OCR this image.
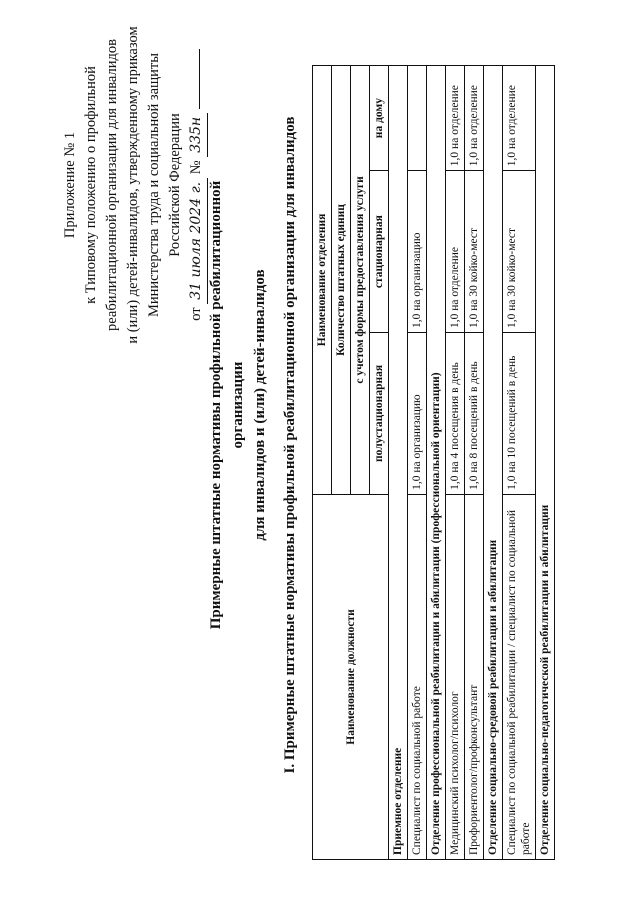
Приложение № 1 к Типовому положению о профильной реабилитационной организации для инвалидов и (или) детей-инвалидов, утвержденному приказом Министерства труда и социальной защиты Российской Федерации
от 31 июля 2024 г. № 335н
Примерные штатные нормативы профильной реабилитационной организации для инвалидов и (или) детей-инвалидов I. Примерные штатные нормативы профильной реабилитационной организации для инвалидов	Наименование должности	Наименование отделения		

	Количество штатных единиц		

	с учетом формы предоставления услуги		
	полустационарная	стационарная	на дому
Приемное отделение			
Специалист по социальной работе	1,0 на организацию	1,0 на организацию	
Отделение профессиональной реабилитации и абилитации (профессиональной ориентации)			
Медицинский психолог/психолог	1,0 на 4 посещения в день	1,0 на отделение	1,0 на отделение
Профориентолог/профконсультант	1,0 на 8 посещений в день	1,0 на 30 койко-мест	1,0 на отделение
Отделение социально-средовой реабилитации и абилитации			
Специалист по социальной реабилитации / специалист по социальной работе	1,0 на 10 посещений в день	1,0 на 30 койко-мест	1,0 на отделение
Отделение социально-педагогической реабилитации и абилитации			
